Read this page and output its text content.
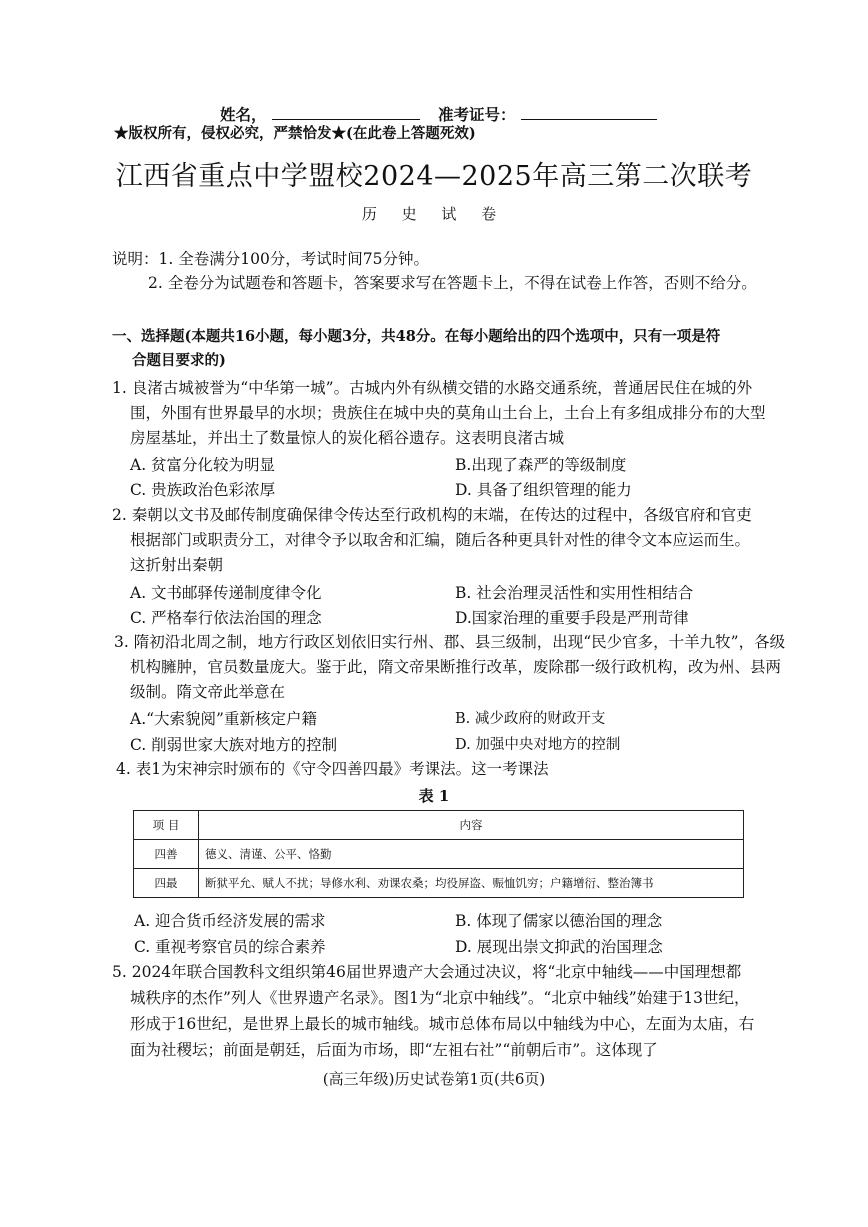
姓名，	准考证号：
★版权所有，侵权必究，严禁恰发★(在此卷上答题死效)
江西省重点中学盟校2024—2025年高三第二次联考
历 史 试 卷
说明：1. 全卷满分100分，考试时间75分钟。
2. 全卷分为试题卷和答题卡，答案要求写在答题卡上，不得在试卷上作答，否则不给分。
一、选择题(本题共16小题，每小题3分，共48分。在每小题给出的四个选项中，只有一项是符
合题目要求的)
1. 良渚古城被誉为“中华第一城”。古城内外有纵横交错的水路交通系统，普通居民住在城的外
围，外围有世界最早的水坝；贵族住在城中央的莫角山土台上，土台上有多组成排分布的大型
房屋基址，并出土了数量惊人的炭化稻谷遗存。这表明良渚古城
A. 贫富分化较为明显	B.出现了森严的等级制度
C. 贵族政治色彩浓厚	D. 具备了组织管理的能力
2. 秦朝以文书及邮传制度确保律令传达至行政机构的末端，在传达的过程中，各级官府和官吏
根据部门或职责分工，对律令予以取舍和汇编，随后各种更具针对性的律令文本应运而生。
这折射出秦朝
A. 文书邮驿传递制度律令化	B. 社会治理灵活性和实用性相结合
C. 严格奉行依法治国的理念	D.国家治理的重要手段是严刑苛律
3. 隋初沿北周之制，地方行政区划依旧实行州、郡、县三级制，出现“民少官多，十羊九牧”，各级
机构臃肿，官员数量庞大。鉴于此，隋文帝果断推行改革，废除郡一级行政机构，改为州、县两
级制。隋文帝此举意在
A.“大索貌阅”重新核定户籍	B. 减少政府的财政开支
C. 削弱世家大族对地方的控制	D. 加强中央对地方的控制
4. 表1为宋神宗时颁布的《守令四善四最》考课法。这一考课法
表 1
项 目	内容
四善	德义、清谨、公平、恪勤
四最	断狱平允、赋人不扰；导修水利、劝课农桑；均役屏盗、赈恤饥穷；户籍增衍、整治簿书
A. 迎合货币经济发展的需求	B. 体现了儒家以德治国的理念
C. 重视考察官员的综合素养	D. 展现出崇文抑武的治国理念
5. 2024年联合国教科文组织第46届世界遗产大会通过决议，将“北京中轴线——中国理想都
城秩序的杰作”列人《世界遗产名录》。图1为“北京中轴线”。“北京中轴线”始建于13世纪，
形成于16世纪，是世界上最长的城市轴线。城市总体布局以中轴线为中心，左面为太庙，右
面为社稷坛；前面是朝廷，后面为市场，即“左祖右社”“前朝后市”。这体现了
(高三年级)历史试卷第1页(共6页)
